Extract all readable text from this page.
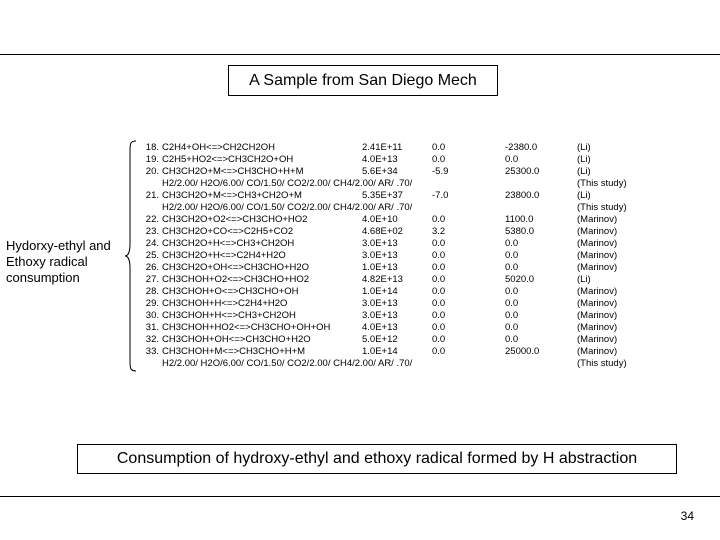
A Sample from San Diego Mech
Hydorxy-ethyl and
Ethoxy radical
consumption
18. C2H4+OH<=>CH2CH2OH	2.41E+11	0.0	-2380.0	(Li)
19. C2H5+HO2<=>CH3CH2O+OH	4.0E+13	0.0	0.0	(Li)
20. CH3CH2O+M<=>CH3CHO+H+M	5.6E+34	-5.9	25300.0	(Li)
H2/2.00/ H2O/6.00/ CO/1.50/ CO2/2.00/ CH4/2.00/ AR/ .70/	(This study)
21. CH3CH2O+M<=>CH3+CH2O+M	5.35E+37	-7.0	23800.0	(Li)
H2/2.00/ H2O/6.00/ CO/1.50/ CO2/2.00/ CH4/2.00/ AR/ .70/	(This study)
22. CH3CH2O+O2<=>CH3CHO+HO2	4.0E+10	0.0	1100.0	(Marinov)
23. CH3CH2O+CO<=>C2H5+CO2	4.68E+02	3.2	5380.0	(Marinov)
24. CH3CH2O+H<=>CH3+CH2OH	3.0E+13	0.0	0.0	(Marinov)
25. CH3CH2O+H<=>C2H4+H2O	3.0E+13	0.0	0.0	(Marinov)
26. CH3CH2O+OH<=>CH3CHO+H2O	1.0E+13	0.0	0.0	(Marinov)
27. CH3CHOH+O2<=>CH3CHO+HO2	4.82E+13	0.0	5020.0	(Li)
28. CH3CHOH+O<=>CH3CHO+OH	1.0E+14	0.0	0.0	(Marinov)
29. CH3CHOH+H<=>C2H4+H2O	3.0E+13	0.0	0.0	(Marinov)
30. CH3CHOH+H<=>CH3+CH2OH	3.0E+13	0.0	0.0	(Marinov)
31. CH3CHOH+HO2<=>CH3CHO+OH+OH	4.0E+13	0.0	0.0	(Marinov)
32. CH3CHOH+OH<=>CH3CHO+H2O	5.0E+12	0.0	0.0	(Marinov)
33. CH3CHOH+M<=>CH3CHO+H+M	1.0E+14	0.0	25000.0	(Marinov)
H2/2.00/ H2O/6.00/ CO/1.50/ CO2/2.00/ CH4/2.00/ AR/ .70/	(This study)
Consumption of hydroxy-ethyl and ethoxy radical formed by H abstraction
34
